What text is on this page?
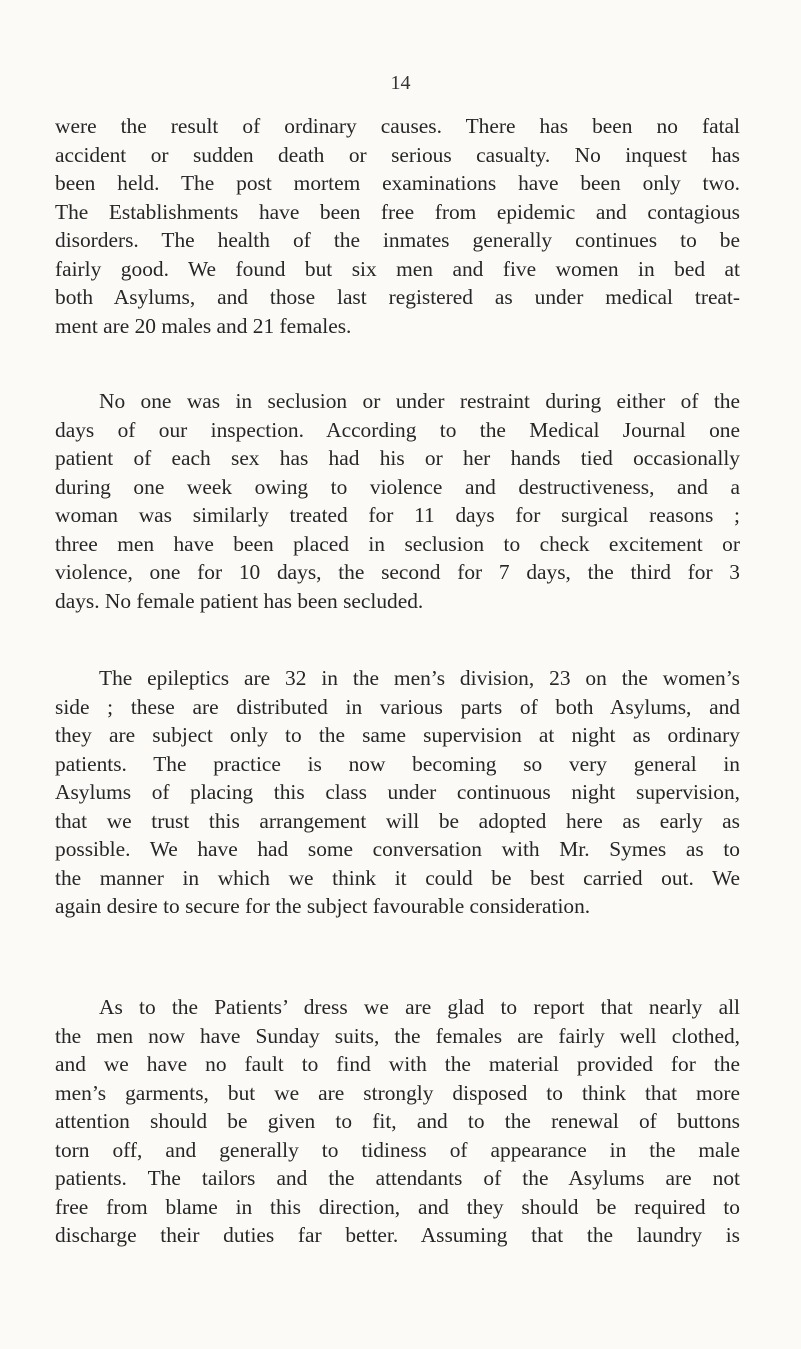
14
were the result of ordinary causes. There has been no fatal
accident or sudden death or serious casualty. No inquest has
been held. The post mortem examinations have been only two.
The Establishments have been free from epidemic and contagious
disorders. The health of the inmates generally continues to be
fairly good. We found but six men and five women in bed at
both Asylums, and those last registered as under medical treat-
ment are 20 males and 21 females.
No one was in seclusion or under restraint during either of the
days of our inspection. According to the Medical Journal one
patient of each sex has had his or her hands tied occasionally
during one week owing to violence and destructiveness, and a
woman was similarly treated for 11 days for surgical reasons ;
three men have been placed in seclusion to check excitement or
violence, one for 10 days, the second for 7 days, the third for 3
days. No female patient has been secluded.
The epileptics are 32 in the men’s division, 23 on the women’s
side ; these are distributed in various parts of both Asylums, and
they are subject only to the same supervision at night as ordinary
patients. The practice is now becoming so very general in
Asylums of placing this class under continuous night supervision,
that we trust this arrangement will be adopted here as early as
possible. We have had some conversation with Mr. Symes as to
the manner in which we think it could be best carried out. We
again desire to secure for the subject favourable consideration.
As to the Patients’ dress we are glad to report that nearly all
the men now have Sunday suits, the females are fairly well clothed,
and we have no fault to find with the material provided for the
men’s garments, but we are strongly disposed to think that more
attention should be given to fit, and to the renewal of buttons
torn off, and generally to tidiness of appearance in the male
patients. The tailors and the attendants of the Asylums are not
free from blame in this direction, and they should be required to
discharge their duties far better. Assuming that the laundry is
